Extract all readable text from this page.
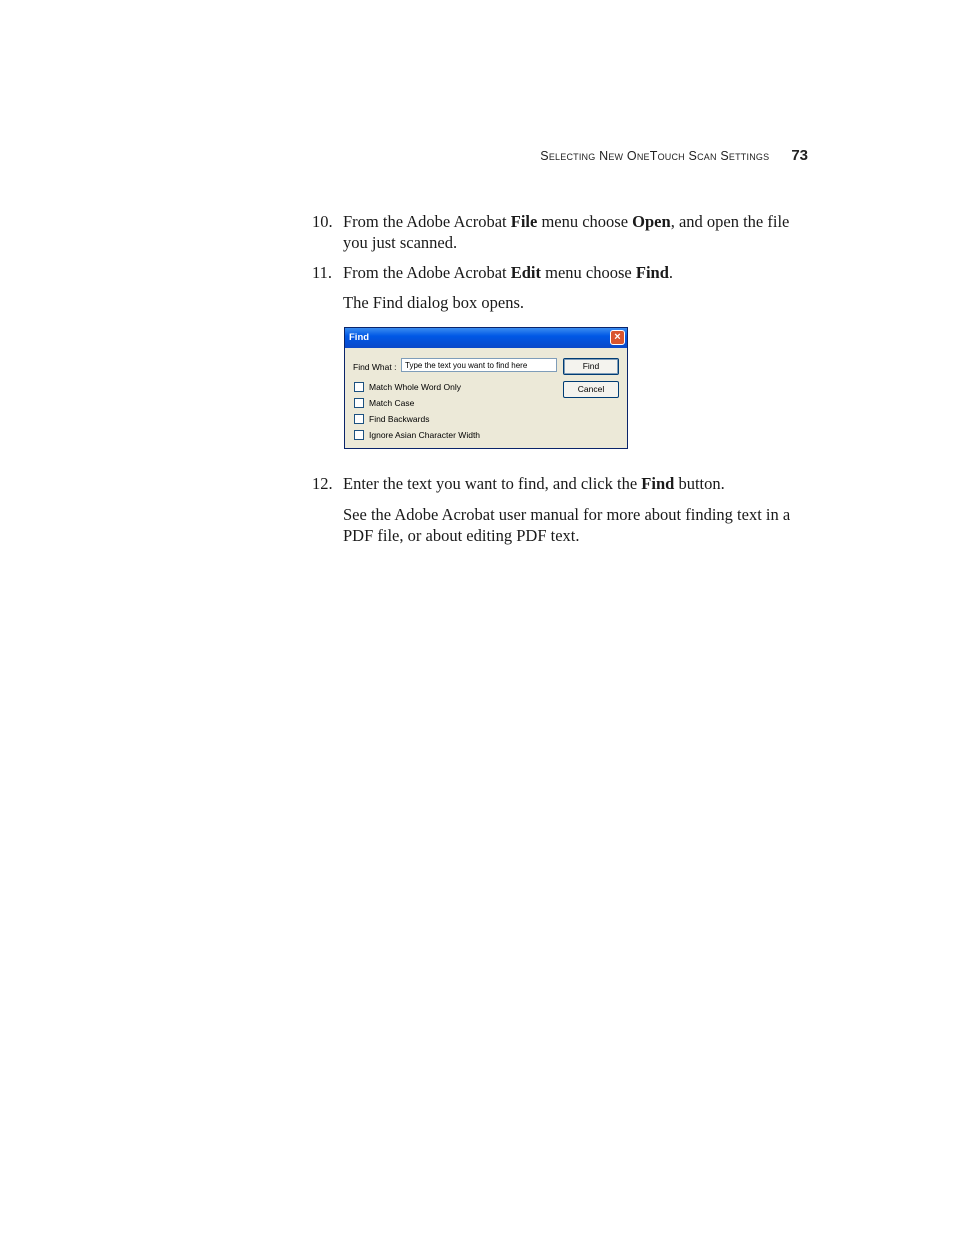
Selecting New OneTouch Scan Settings 73
10. From the Adobe Acrobat File menu choose Open, and open the file you just scanned.
11. From the Adobe Acrobat Edit menu choose Find.
The Find dialog box opens.
Find	×
Find What :
Type the text you want to find here	Find
Cancel
Match Whole Word Only
Match Case
Find Backwards
Ignore Asian Character Width
12. Enter the text you want to find, and click the Find button.
See the Adobe Acrobat user manual for more about finding text in a PDF file, or about editing PDF text.
